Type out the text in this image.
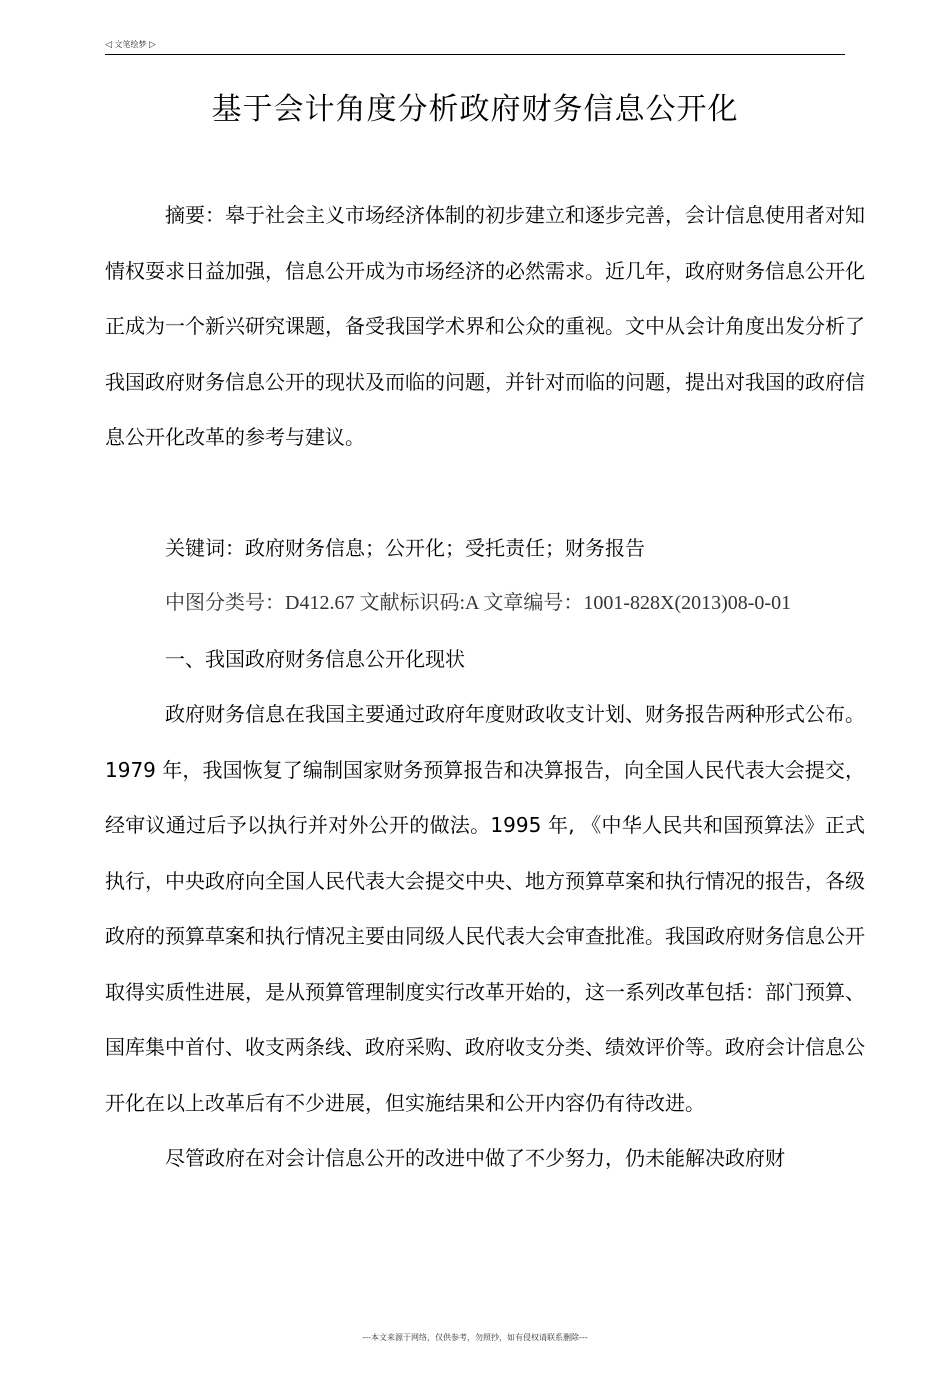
◁ 文笔绘梦 ▷
基于会计角度分析政府财务信息公开化

摘要：皋于社会主义市场经济体制的初步建立和逐步完善，会计信息使用者对知情权耍求日益加强，信息公开成为市场经济的必然需求。近几年，政府财务信息公开化正成为一个新兴研究课题，备受我国学术界和公众的重视。文中从会计角度出发分析了我国政府财务信息公开的现状及而临的问题，并针对而临的问题，提出对我国的政府信息公开化改革的参考与建议。

关键词：政府财务信息；公开化；受托责任；财务报告

中图分类号：D412.67 文献标识码:A 文章编号：1001-828X(2013)08-0-01

一、我国政府财务信息公开化现状

政府财务信息在我国主要通过政府年度财政收支计划、财务报告两种形式公布。1979 年，我国恢复了编制国家财务预算报告和决算报告，向全国人民代表大会提交，经审议通过后予以执行并对外公开的做法。1995 年, 《中华人民共和国预算法》正式执行，中央政府向全国人民代表大会提交中央、地方预算草案和执行情况的报告，各级政府的预算草案和执行情况主要由同级人民代表大会审查批准。我国政府财务信息公开取得实质性进展，是从预算管理制度实行改革开始的，这一系列改革包括：部门预算、国库集中首付、收支两条线、政府采购、政府收支分类、绩效评价等。政府会计信息公开化在以上改革后有不少进展，但实施结果和公开内容仍有待改进。

尽管政府在对会计信息公开的改进中做了不少努力，仍未能解决政府财

---本文来源于网络，仅供参考，勿照抄，如有侵权请联系删除---
